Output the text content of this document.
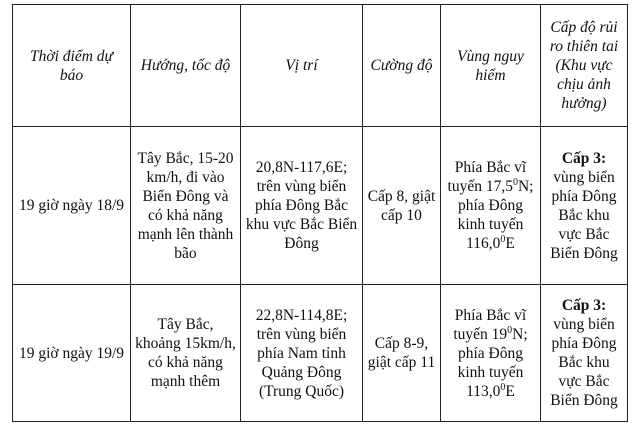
Thời điểm dự báo	Hướng, tốc độ	Vị trí	Cường độ	Vùng nguy hiểm	Cấp độ rủi ro thiên tai (Khu vực chịu ảnh hưởng)
19 giờ ngày 18/9	Tây Bắc, 15-20 km/h, đi vào Biển Đông và có khả năng mạnh lên thành bão	20,8N-117,6E; trên vùng biển phía Đông Bắc khu vực Bắc Biển Đông	Cấp 8, giật cấp 10	Phía Bắc vĩ tuyến 17,5$^0$N; phía Đông kinh tuyến 116,0$^0$E	Cấp 3:
vùng biển phía Đông Bắc khu vực Bắc Biển Đông
19 giờ ngày 19/9	Tây Bắc, khoảng 15km/h, có khả năng mạnh thêm	22,8N-114,8E; trên vùng biển phía Nam tỉnh Quảng Đông (Trung Quốc)	Cấp 8-9, giật cấp 11	Phía Bắc vĩ tuyến $19^0N$; phía Đông kinh tuyến 113,0$^0$E	Cấp 3:
vùng biển phía Đông Bắc khu vực Bắc Biển Đông
